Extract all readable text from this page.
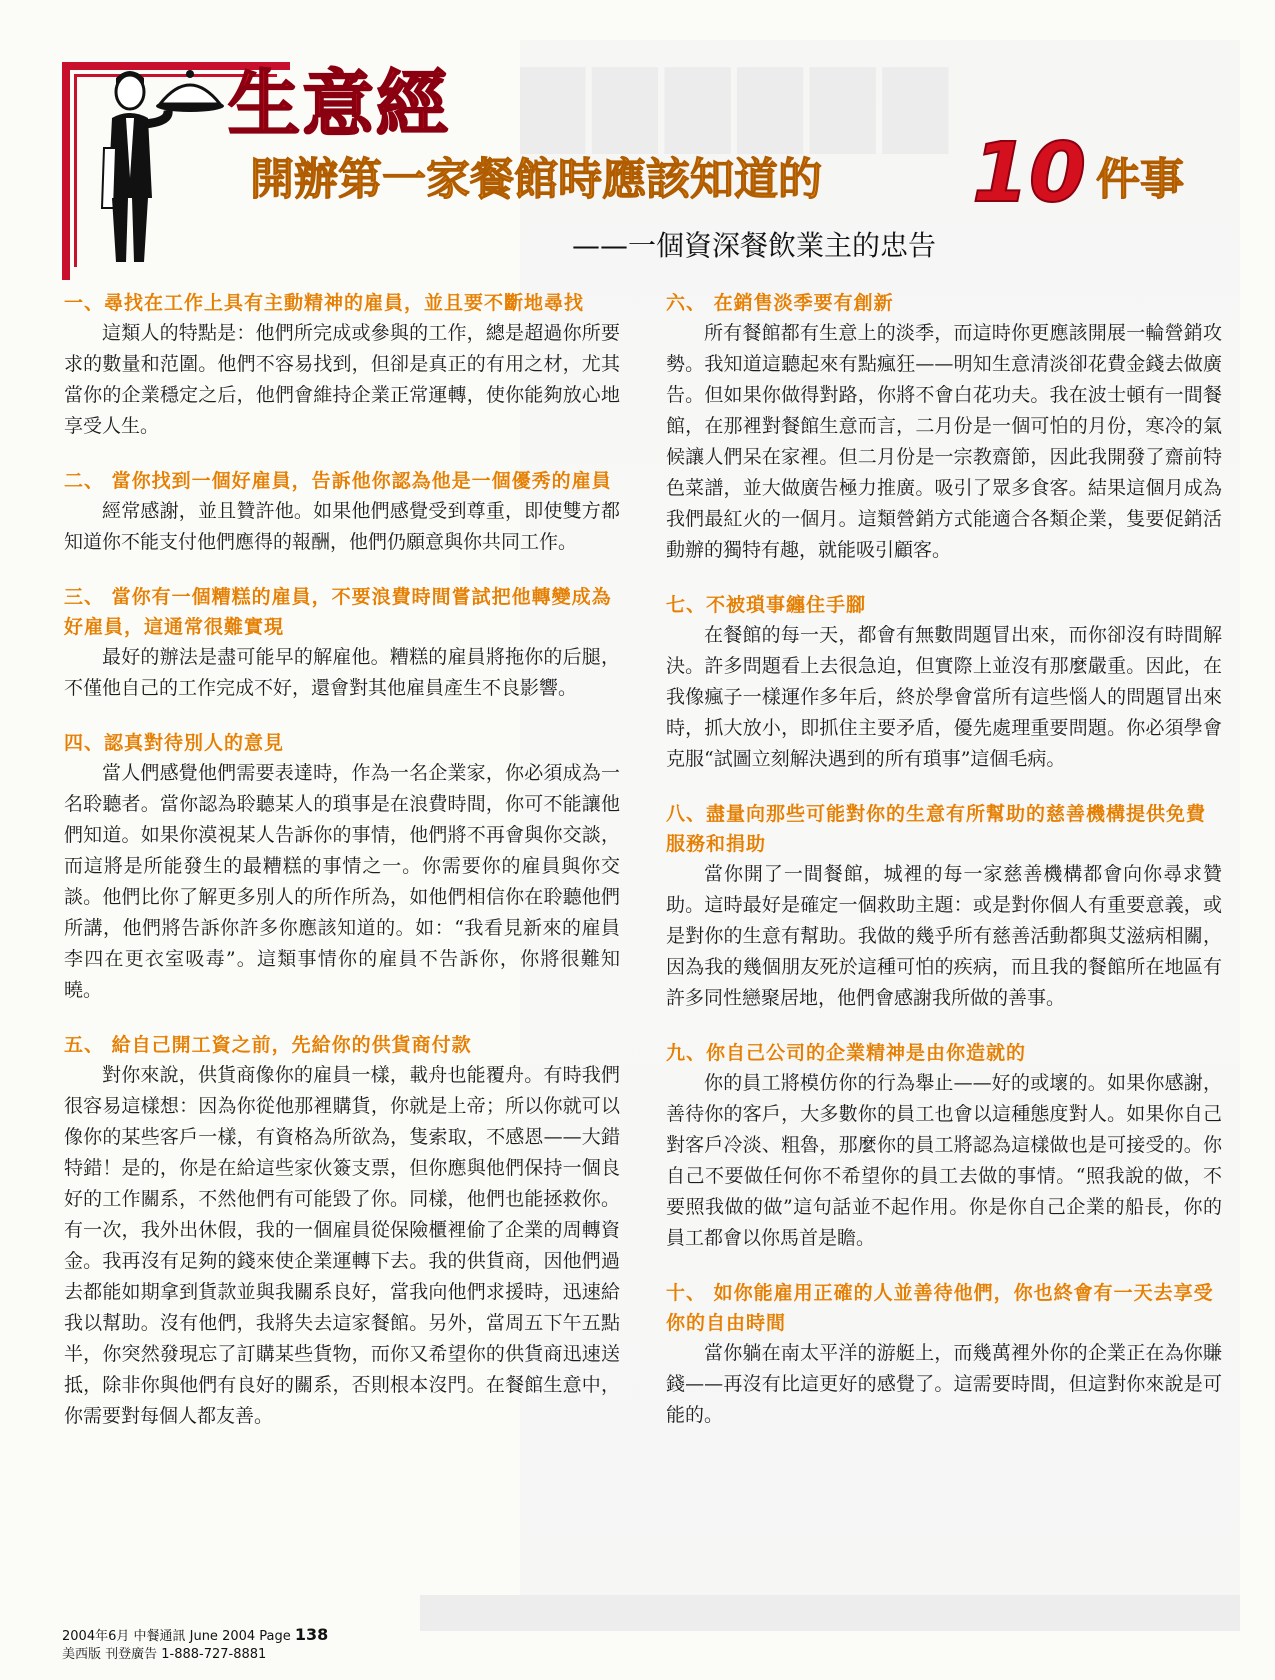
▇▇▇▇▇▇
生意經
開辦第一家餐館時應該知道的 10 件事
——一個資深餐飲業主的忠告
一、尋找在工作上具有主動精神的雇員，並且要不斷地尋找
這類人的特點是：他們所完成或參與的工作，總是超過你所要求的數量和范圍。他們不容易找到，但卻是真正的有用之材，尤其當你的企業穩定之后，他們會維持企業正常運轉，使你能夠放心地享受人生。
二、 當你找到一個好雇員，告訴他你認為他是一個優秀的雇員
經常感謝，並且贊許他。如果他們感覺受到尊重，即使雙方都知道你不能支付他們應得的報酬，他們仍願意與你共同工作。
三、 當你有一個糟糕的雇員，不要浪費時間嘗試把他轉變成為好雇員，這通常很難實現
最好的辦法是盡可能早的解雇他。糟糕的雇員將拖你的后腿，不僅他自己的工作完成不好，還會對其他雇員產生不良影響。
四、認真對待別人的意見
當人們感覺他們需要表達時，作為一名企業家，你必須成為一名聆聽者。當你認為聆聽某人的瑣事是在浪費時間，你可不能讓他們知道。如果你漠視某人告訴你的事情，他們將不再會與你交談，而這將是所能發生的最糟糕的事情之一。你需要你的雇員與你交談。他們比你了解更多別人的所作所為，如他們相信你在聆聽他們所講，他們將告訴你許多你應該知道的。如：“我看見新來的雇員李四在更衣室吸毒”。這類事情你的雇員不告訴你，你將很難知曉。
五、 給自己開工資之前，先給你的供貨商付款
對你來說，供貨商像你的雇員一樣，載舟也能覆舟。有時我們很容易這樣想：因為你從他那裡購貨，你就是上帝；所以你就可以像你的某些客戶一樣，有資格為所欲為，隻索取，不感恩——大錯特錯！是的，你是在給這些家伙簽支票，但你應與他們保持一個良好的工作關系，不然他們有可能毀了你。同樣，他們也能拯救你。有一次，我外出休假，我的一個雇員從保險櫃裡偷了企業的周轉資金。我再沒有足夠的錢來使企業運轉下去。我的供貨商，因他們過去都能如期拿到貨款並與我關系良好，當我向他們求援時，迅速給我以幫助。沒有他們，我將失去這家餐館。另外，當周五下午五點半，你突然發現忘了訂購某些貨物，而你又希望你的供貨商迅速送抵，除非你與他們有良好的關系，否則根本沒門。在餐館生意中，你需要對每個人都友善。
六、 在銷售淡季要有創新
所有餐館都有生意上的淡季，而這時你更應該開展一輪營銷攻勢。我知道這聽起來有點瘋狂——明知生意清淡卻花費金錢去做廣告。但如果你做得對路，你將不會白花功夫。我在波士頓有一間餐館，在那裡對餐館生意而言，二月份是一個可怕的月份，寒冷的氣候讓人們呆在家裡。但二月份是一宗教齋節，因此我開發了齋前特色菜譜，並大做廣告極力推廣。吸引了眾多食客。結果這個月成為我們最紅火的一個月。這類營銷方式能適合各類企業，隻要促銷活動辦的獨特有趣，就能吸引顧客。
七、不被瑣事纏住手腳
在餐館的每一天，都會有無數問題冒出來，而你卻沒有時間解決。許多問題看上去很急迫，但實際上並沒有那麼嚴重。因此，在我像瘋子一樣運作多年后，終於學會當所有這些惱人的問題冒出來時，抓大放小，即抓住主要矛盾，優先處理重要問題。你必須學會克服“試圖立刻解決遇到的所有瑣事”這個毛病。
八、盡量向那些可能對你的生意有所幫助的慈善機構提供免費服務和捐助
當你開了一間餐館，城裡的每一家慈善機構都會向你尋求贊助。這時最好是確定一個救助主題：或是對你個人有重要意義，或是對你的生意有幫助。我做的幾乎所有慈善活動都與艾滋病相關，因為我的幾個朋友死於這種可怕的疾病，而且我的餐館所在地區有許多同性戀聚居地，他們會感謝我所做的善事。
九、你自己公司的企業精神是由你造就的
你的員工將模仿你的行為舉止——好的或壞的。如果你感謝，善待你的客戶，大多數你的員工也會以這種態度對人。如果你自己對客戶冷淡、粗魯，那麼你的員工將認為這樣做也是可接受的。你自己不要做任何你不希望你的員工去做的事情。“照我說的做，不要照我做的做”這句話並不起作用。你是你自己企業的船長，你的員工都會以你馬首是瞻。
十、 如你能雇用正確的人並善待他們，你也終會有一天去享受你的自由時間
當你躺在南太平洋的游艇上，而幾萬裡外你的企業正在為你賺錢——再沒有比這更好的感覺了。這需要時間，但這對你來說是可能的。
2004年6月 中餐通訊 June 2004 Page 138
美西版 刊登廣告 1-888-727-8881
